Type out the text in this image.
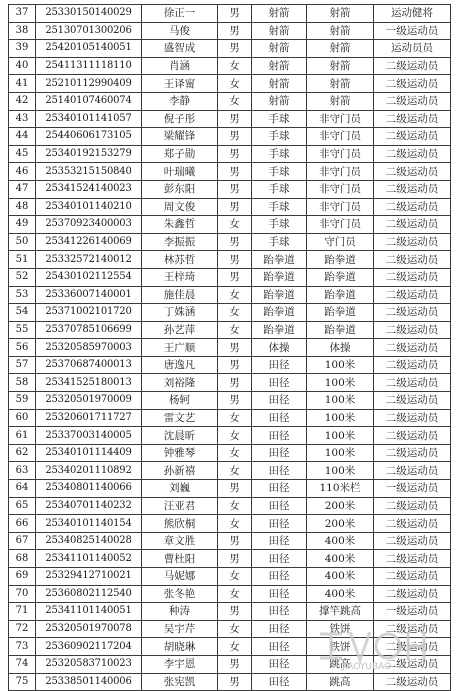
37	25330150140029	徐正一	男	射箭	射箭	运动健将
38	25130701300206	马俊	男	射箭	射箭	一级运动员
39	25420105140051	盛智成	男	射箭	射箭	运动员员
40	25411311118110	肖涵	女	射箭	射箭	二级运动员
41	25210112990409	王译甯	女	射箭	射箭	二级运动员
42	25140107460074	李静	女	射箭	射箭	二级运动员
43	25340101141057	倪子彤	男	手球	非守门员	二级运动员
44	25440606173105	梁耀锋	男	手球	非守门员	二级运动员
45	25340192153279	郑子勋	男	手球	非守门员	二级运动员
46	25353215150840	叶瑞曦	男	手球	非守门员	二级运动员
47	25341524140023	彭东阳	男	手球	非守门员	二级运动员
48	25340101140210	周文俊	男	手球	非守门员	二级运动员
49	25370923400003	朱鑫哲	女	手球	非守门员	二级运动员
50	25341226140069	李振振	男	手球	守门员	二级运动员
51	25332572140012	林苏哲	男	跆拳道	跆拳道	二级运动员
52	25430102112554	王梓琦	男	跆拳道	跆拳道	二级运动员
53	25336007140001	施佳晨	女	跆拳道	跆拳道	二级运动员
54	25371002101720	丁姝涵	女	跆拳道	跆拳道	二级运动员
55	25370785106699	孙艺萍	女	跆拳道	跆拳道	二级运动员
56	25320585970003	王广顺	男	体操	体操	二级运动员
57	25370687400013	唐逸凡	男	田径	100米	二级运动员
58	25341525180013	刘裕隆	男	田径	100米	二级运动员
59	25320501970009	杨轲	男	田径	100米	二级运动员
60	25320601711727	雷文艺	女	田径	100米	二级运动员
61	25337003140005	沈晨昕	女	田径	100米	二级运动员
62	25340101114409	钟雅琴	女	田径	100米	二级运动员
63	25340201110892	孙新禧	女	田径	100米	二级运动员
64	25340801140066	刘巍	男	田径	110米栏	一级运动员
65	25340701140232	汪亚君	女	田径	200米	二级运动员
66	25340101140154	熊欣桐	女	田径	200米	二级运动员
67	25340825140028	章文胜	男	田径	400米	二级运动员
68	25341101140052	曹杜阳	男	田径	400米	二级运动员
69	25329412710021	马妮娜	女	田径	400米	二级运动员
70	25360802112540	张冬艳	女	田径	400米	二级运动员
71	25341101140051	种涛	男	田径	撑竿跳高	一级运动员
72	25320501970078	吴宇芹	女	田径	铁饼	二级运动员
73	25360902117204	胡晓琳	女	田径	铁饼	二级运动员
74	25320583710023	李宇恩	男	田径	跳高	二级运动员
75	25338501140006	张宪凯	男	田径	跳高	二级运动员
JIAOYUBAO
